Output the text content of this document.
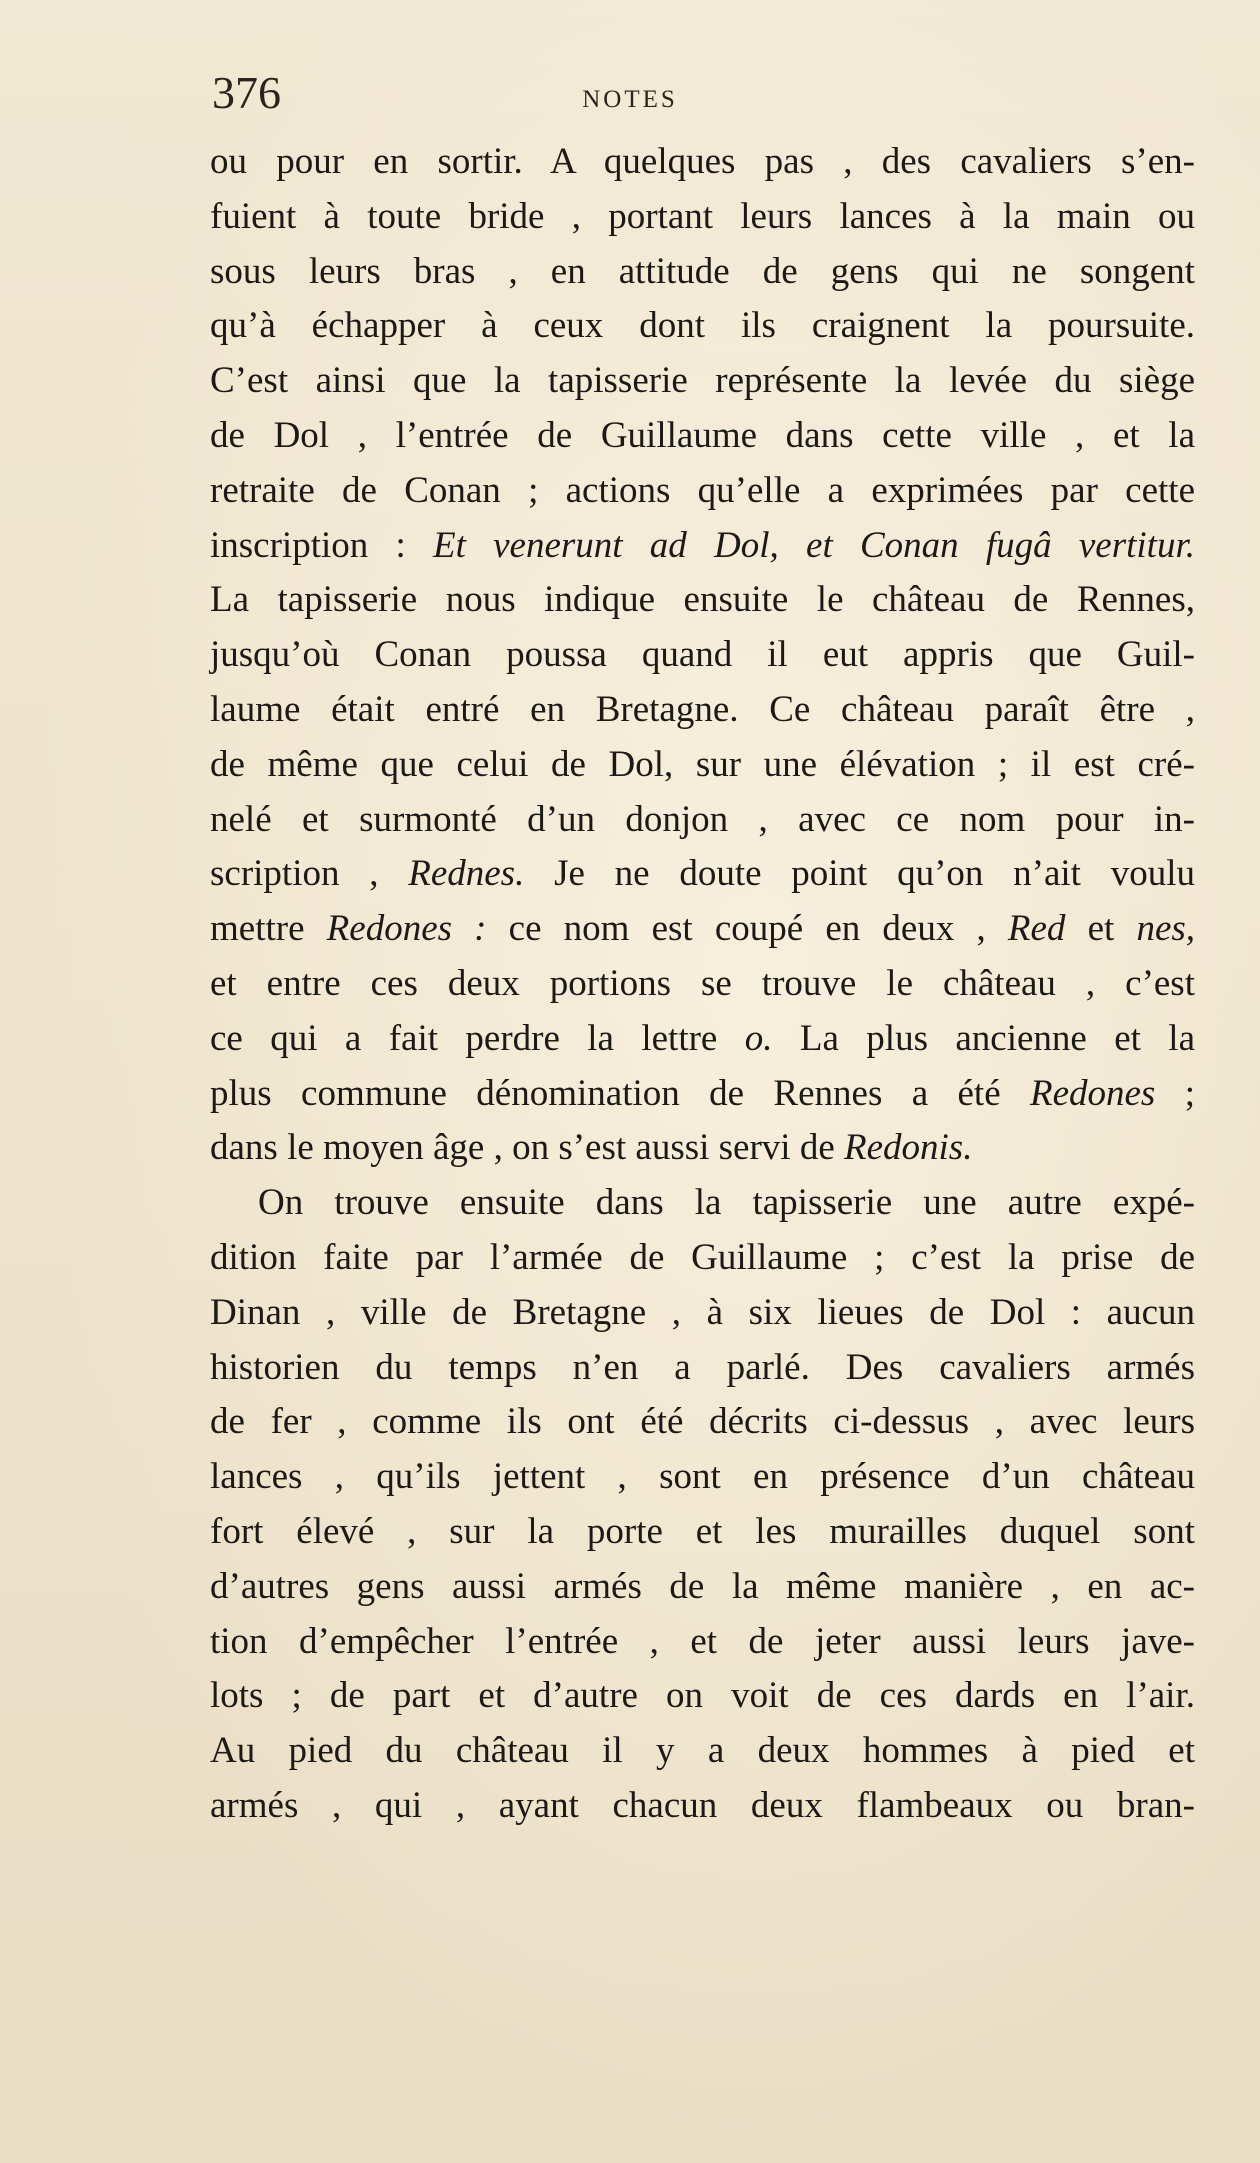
376	NOTES
ou pour en sortir. A quelques pas , des cavaliers s’en-
fuient à toute bride , portant leurs lances à la main ou
sous leurs bras , en attitude de gens qui ne songent
qu’à échapper à ceux dont ils craignent la poursuite.
C’est ainsi que la tapisserie représente la levée du siège
de Dol , l’entrée de Guillaume dans cette ville , et la
retraite de Conan ; actions qu’elle a exprimées par cette
inscription : Et venerunt ad Dol, et Conan fugâ vertitur.
La tapisserie nous indique ensuite le château de Rennes,
jusqu’où Conan poussa quand il eut appris que Guil-
laume était entré en Bretagne. Ce château paraît être ,
de même que celui de Dol, sur une élévation ; il est cré-
nelé et surmonté d’un donjon , avec ce nom pour in-
scription , Rednes. Je ne doute point qu’on n’ait voulu
mettre Redones : ce nom est coupé en deux , Red et nes,
et entre ces deux portions se trouve le château , c’est
ce qui a fait perdre la lettre o. La plus ancienne et la
plus commune dénomination de Rennes a été Redones ;
dans le moyen âge , on s’est aussi servi de Redonis.
On trouve ensuite dans la tapisserie une autre expé-
dition faite par l’armée de Guillaume ; c’est la prise de
Dinan , ville de Bretagne , à six lieues de Dol : aucun
historien du temps n’en a parlé. Des cavaliers armés
de fer , comme ils ont été décrits ci-dessus , avec leurs
lances , qu’ils jettent , sont en présence d’un château
fort élevé , sur la porte et les murailles duquel sont
d’autres gens aussi armés de la même manière , en ac-
tion d’empêcher l’entrée , et de jeter aussi leurs jave-
lots ; de part et d’autre on voit de ces dards en l’air.
Au pied du château il y a deux hommes à pied et
armés , qui , ayant chacun deux flambeaux ou bran-
